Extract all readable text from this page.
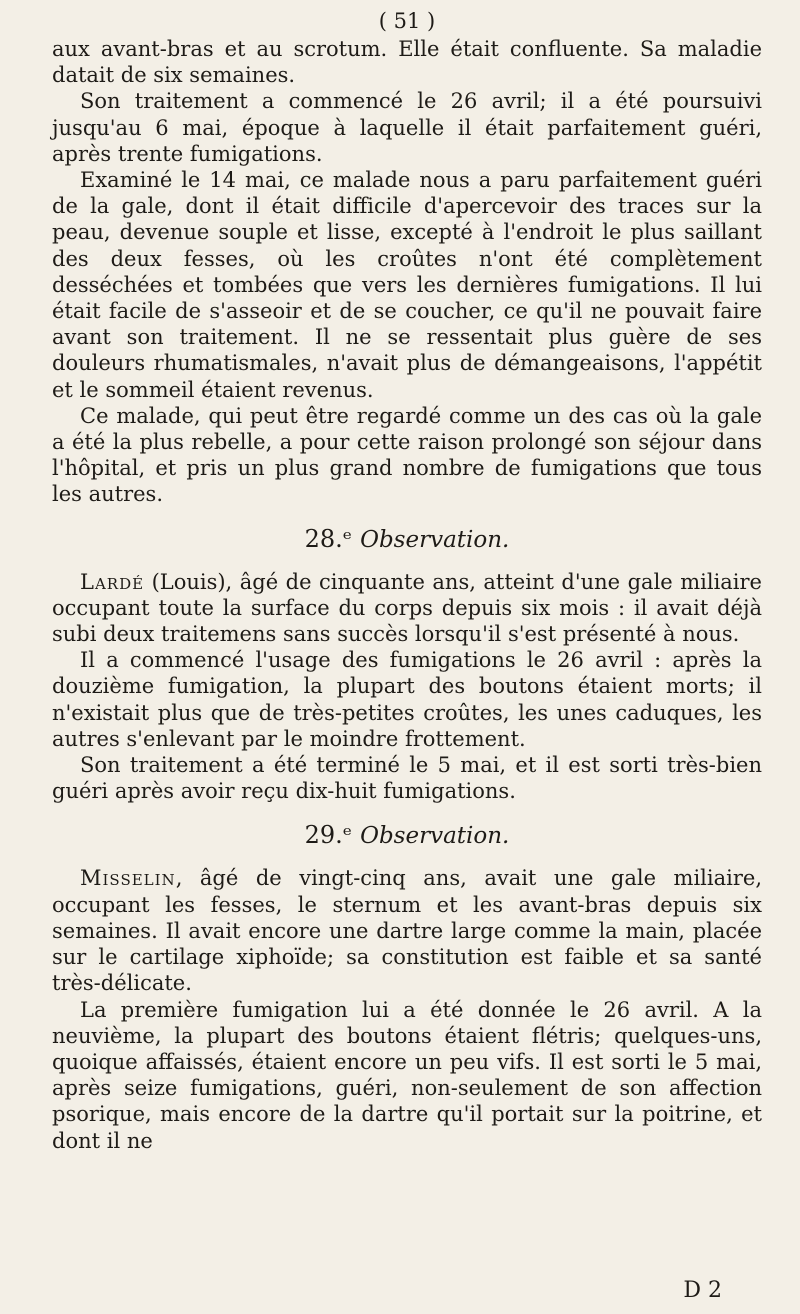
( 51 )

aux avant-bras et au scrotum. Elle était confluente. Sa maladie datait de six semaines.

Son traitement a commencé le 26 avril; il a été poursuivi jusqu'au 6 mai, époque à laquelle il était parfaitement guéri, après trente fumigations.

Examiné le 14 mai, ce malade nous a paru parfaitement guéri de la gale, dont il était difficile d'apercevoir des traces sur la peau, devenue souple et lisse, excepté à l'endroit le plus saillant des deux fesses, où les croûtes n'ont été complètement desséchées et tombées que vers les dernières fumigations. Il lui était facile de s'asseoir et de se coucher, ce qu'il ne pouvait faire avant son traitement. Il ne se ressentait plus guère de ses douleurs rhumatismales, n'avait plus de démangeaisons, l'appétit et le sommeil étaient revenus.

Ce malade, qui peut être regardé comme un des cas où la gale a été la plus rebelle, a pour cette raison prolongé son séjour dans l'hôpital, et pris un plus grand nombre de fumigations que tous les autres.

28.ᵉ Observation.

Lardé (Louis), âgé de cinquante ans, atteint d'une gale miliaire occupant toute la surface du corps depuis six mois : il avait déjà subi deux traitemens sans succès lorsqu'il s'est présenté à nous.

Il a commencé l'usage des fumigations le 26 avril : après la douzième fumigation, la plupart des boutons étaient morts; il n'existait plus que de très-petites croûtes, les unes caduques, les autres s'enlevant par le moindre frottement.

Son traitement a été terminé le 5 mai, et il est sorti très-bien guéri après avoir reçu dix-huit fumigations.

29.ᵉ Observation.

Misselin, âgé de vingt-cinq ans, avait une gale miliaire, occupant les fesses, le sternum et les avant-bras depuis six semaines. Il avait encore une dartre large comme la main, placée sur le cartilage xiphoïde; sa constitution est faible et sa santé très-délicate.

La première fumigation lui a été donnée le 26 avril. A la neuvième, la plupart des boutons étaient flétris; quelques-uns, quoique affaissés, étaient encore un peu vifs. Il est sorti le 5 mai, après seize fumigations, guéri, non-seulement de son affection psorique, mais encore de la dartre qu'il portait sur la poitrine, et dont il ne

D 2
